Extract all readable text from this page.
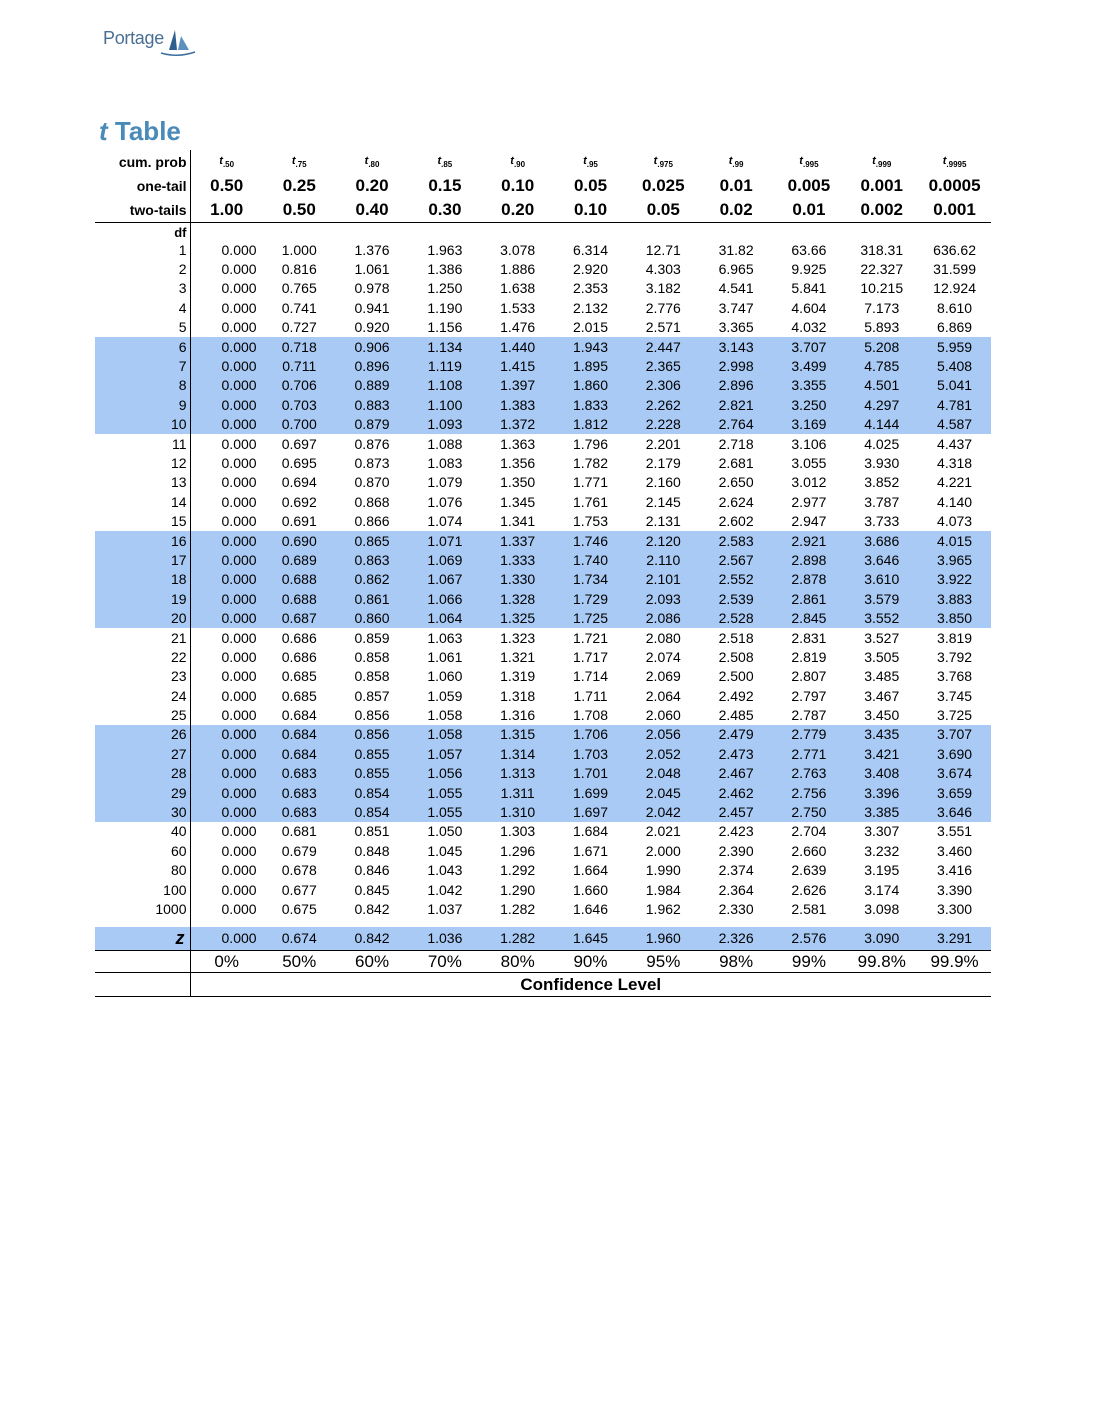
Portage
t Table
cum. prob	$t_{.50}$	$t_{.75}$	$t_{.80}$	$t_{.85}$	$t_{.90}$	$t_{.95}$	$t_{.975}$	$t_{.99}$	$t_{.995}$	$t_{.999}$	$t_{.9995}$
one-tail	0.50	0.25	0.20	0.15	0.10	0.05	0.025	0.01	0.005	0.001	0.0005
two-tails	1.00	0.50	0.40	0.30	0.20	0.10	0.05	0.02	0.01	0.002	0.001
df											
1	0.000	1.000	1.376	1.963	3.078	6.314	12.71	31.82	63.66	318.31	636.62
2	0.000	0.816	1.061	1.386	1.886	2.920	4.303	6.965	9.925	22.327	31.599
3	0.000	0.765	0.978	1.250	1.638	2.353	3.182	4.541	5.841	10.215	12.924
4	0.000	0.741	0.941	1.190	1.533	2.132	2.776	3.747	4.604	7.173	8.610
5	0.000	0.727	0.920	1.156	1.476	2.015	2.571	3.365	4.032	5.893	6.869
6	0.000	0.718	0.906	1.134	1.440	1.943	2.447	3.143	3.707	5.208	5.959
7	0.000	0.711	0.896	1.119	1.415	1.895	2.365	2.998	3.499	4.785	5.408
8	0.000	0.706	0.889	1.108	1.397	1.860	2.306	2.896	3.355	4.501	5.041
9	0.000	0.703	0.883	1.100	1.383	1.833	2.262	2.821	3.250	4.297	4.781
10	0.000	0.700	0.879	1.093	1.372	1.812	2.228	2.764	3.169	4.144	4.587
11	0.000	0.697	0.876	1.088	1.363	1.796	2.201	2.718	3.106	4.025	4.437
12	0.000	0.695	0.873	1.083	1.356	1.782	2.179	2.681	3.055	3.930	4.318
13	0.000	0.694	0.870	1.079	1.350	1.771	2.160	2.650	3.012	3.852	4.221
14	0.000	0.692	0.868	1.076	1.345	1.761	2.145	2.624	2.977	3.787	4.140
15	0.000	0.691	0.866	1.074	1.341	1.753	2.131	2.602	2.947	3.733	4.073
16	0.000	0.690	0.865	1.071	1.337	1.746	2.120	2.583	2.921	3.686	4.015
17	0.000	0.689	0.863	1.069	1.333	1.740	2.110	2.567	2.898	3.646	3.965
18	0.000	0.688	0.862	1.067	1.330	1.734	2.101	2.552	2.878	3.610	3.922
19	0.000	0.688	0.861	1.066	1.328	1.729	2.093	2.539	2.861	3.579	3.883
20	0.000	0.687	0.860	1.064	1.325	1.725	2.086	2.528	2.845	3.552	3.850
21	0.000	0.686	0.859	1.063	1.323	1.721	2.080	2.518	2.831	3.527	3.819
22	0.000	0.686	0.858	1.061	1.321	1.717	2.074	2.508	2.819	3.505	3.792
23	0.000	0.685	0.858	1.060	1.319	1.714	2.069	2.500	2.807	3.485	3.768
24	0.000	0.685	0.857	1.059	1.318	1.711	2.064	2.492	2.797	3.467	3.745
25	0.000	0.684	0.856	1.058	1.316	1.708	2.060	2.485	2.787	3.450	3.725
26	0.000	0.684	0.856	1.058	1.315	1.706	2.056	2.479	2.779	3.435	3.707
27	0.000	0.684	0.855	1.057	1.314	1.703	2.052	2.473	2.771	3.421	3.690
28	0.000	0.683	0.855	1.056	1.313	1.701	2.048	2.467	2.763	3.408	3.674
29	0.000	0.683	0.854	1.055	1.311	1.699	2.045	2.462	2.756	3.396	3.659
30	0.000	0.683	0.854	1.055	1.310	1.697	2.042	2.457	2.750	3.385	3.646
40	0.000	0.681	0.851	1.050	1.303	1.684	2.021	2.423	2.704	3.307	3.551
60	0.000	0.679	0.848	1.045	1.296	1.671	2.000	2.390	2.660	3.232	3.460
80	0.000	0.678	0.846	1.043	1.292	1.664	1.990	2.374	2.639	3.195	3.416
100	0.000	0.677	0.845	1.042	1.290	1.660	1.984	2.364	2.626	3.174	3.390
1000	0.000	0.675	0.842	1.037	1.282	1.646	1.962	2.330	2.581	3.098	3.300

z	0.000	0.674	0.842	1.036	1.282	1.645	1.960	2.326	2.576	3.090	3.291
	0%	50%	60%	70%	80%	90%	95%	98%	99%	99.8%	99.9%
	Confidence Level										
